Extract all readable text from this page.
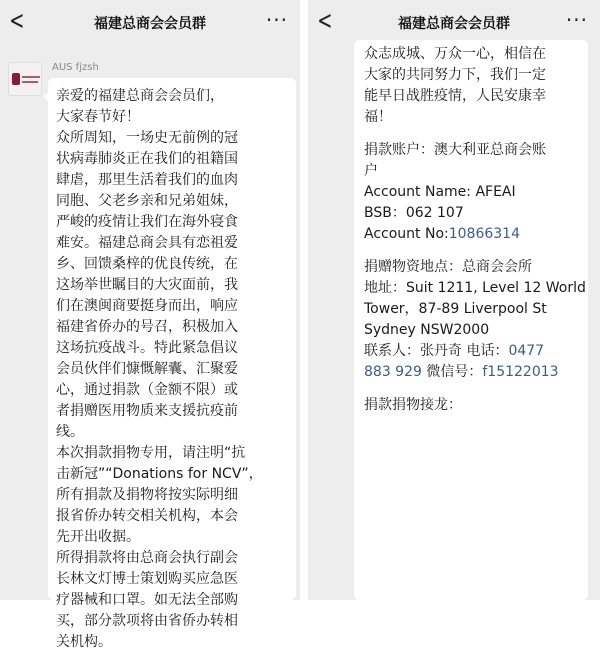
<	福建总商会会员群	···
AUS fjzsh
亲爱的福建总商会会员们，
大家春节好！
众所周知，一场史无前例的冠
状病毒肺炎正在我们的祖籍国
肆虐，那里生活着我们的血肉
同胞、父老乡亲和兄弟姐妹，
严峻的疫情让我们在海外寝食
难安。福建总商会具有恋祖爱
乡、回馈桑梓的优良传统，在
这场举世瞩目的大灾面前，我
们在澳闽商要挺身而出，响应
福建省侨办的号召，积极加入
这场抗疫战斗。特此紧急倡议
会员伙伴们慷慨解囊、汇聚爱
心，通过捐款（金额不限）或
者捐赠医用物质来支援抗疫前
线。
本次捐款捐物专用，请注明“抗
击新冠”“Donations for NCV”，
所有捐款及捐物将按实际明细
报省侨办转交相关机构，本会
先开出收据。
所得捐款将由总商会执行副会
长林文灯博士策划购买应急医
疗器械和口罩。如无法全部购
买，部分款项将由省侨办转相
关机构。
<	福建总商会会员群	···
众志成城、万众一心，相信在
大家的共同努力下，我们一定
能早日战胜疫情，人民安康幸
福！
捐款账户：澳大利亚总商会账
户
Account Name: AFEAI
BSB：062 107
Account No:10866314
捐赠物资地点：总商会会所
地址：Suit 1211, Level 12 World
Tower，87-89 Liverpool St
Sydney NSW2000
联系人：张丹奇 电话：0477
883 929 微信号：f15122013
捐款捐物接龙：
